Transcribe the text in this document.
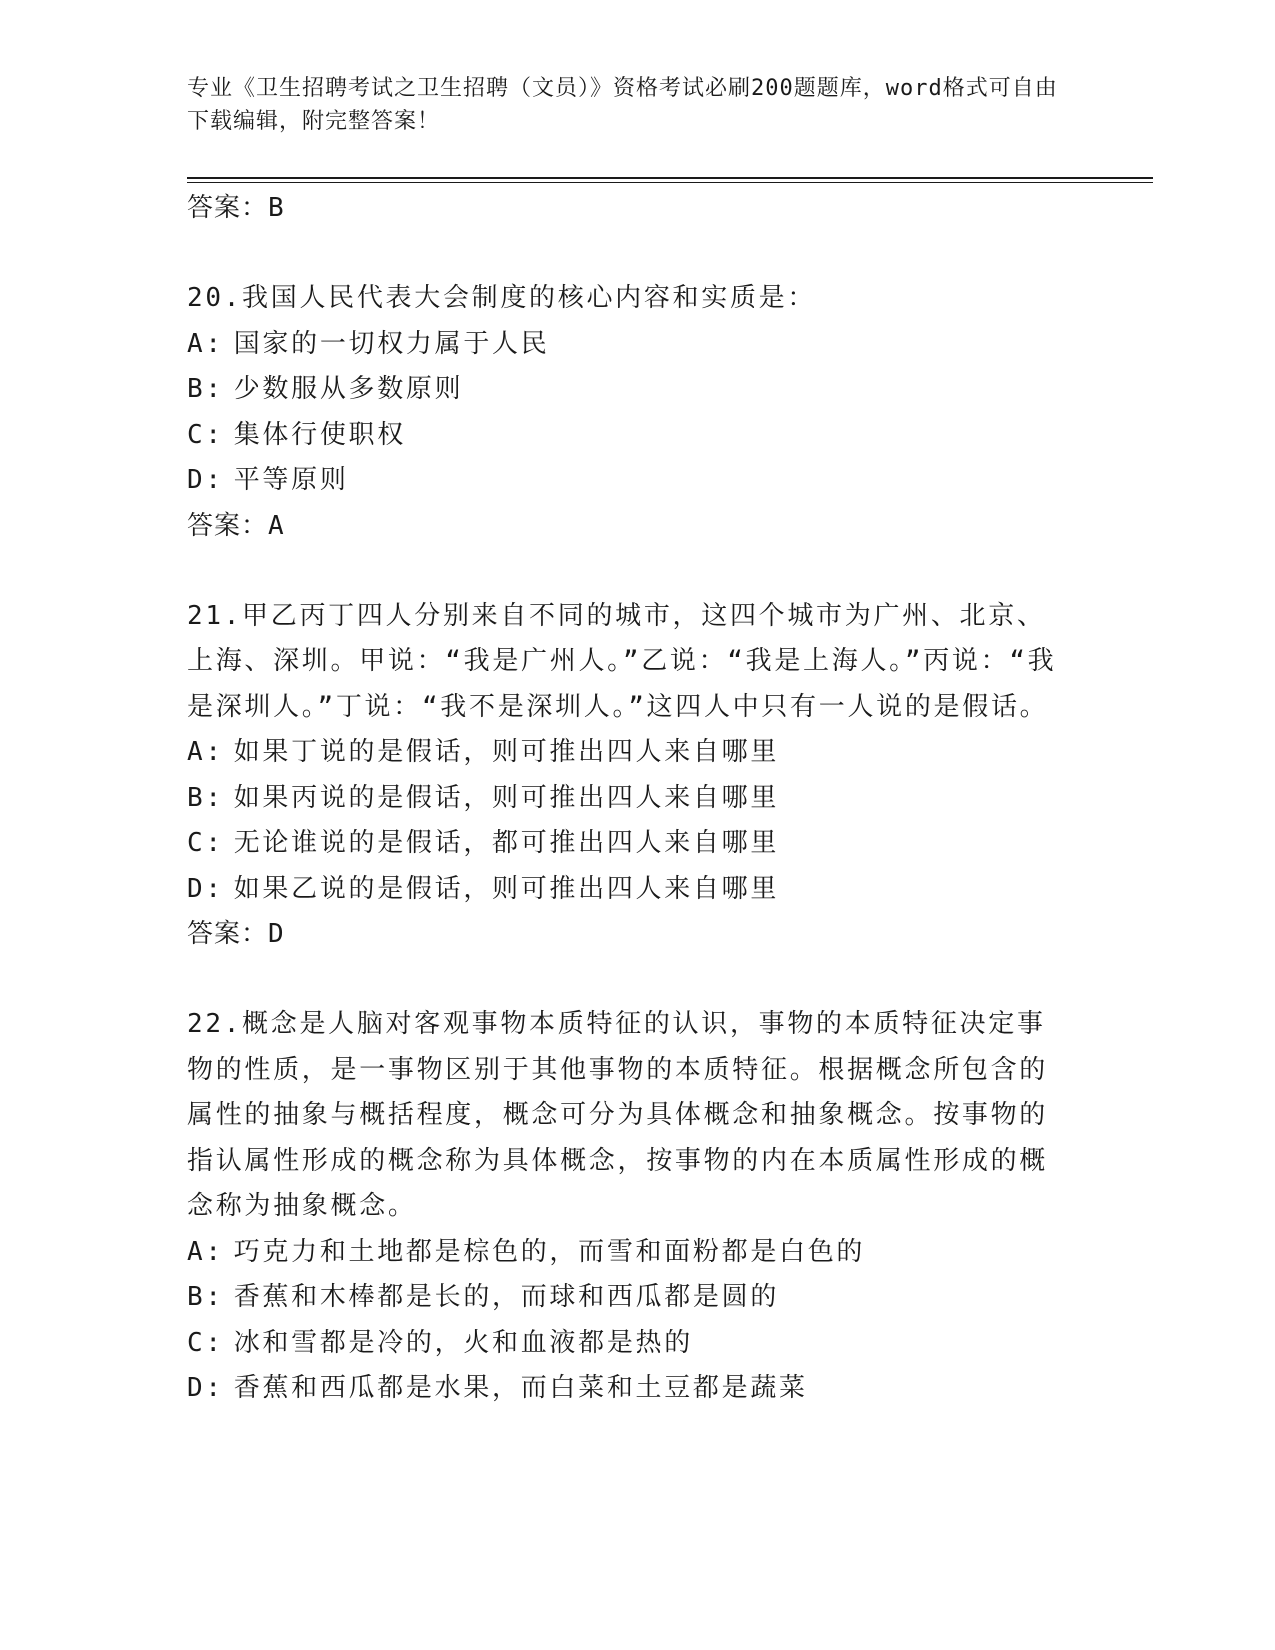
专业《卫生招聘考试之卫生招聘（文员）》资格考试必刷200题题库，word格式可自由下载编辑，附完整答案！

答案：B

20.我国人民代表大会制度的核心内容和实质是：

A: 国家的一切权力属于人民

B: 少数服从多数原则

C: 集体行使职权

D: 平等原则

答案：A

21.甲乙丙丁四人分别来自不同的城市，这四个城市为广州、北京、上海、深圳。甲说：“我是广州人。”乙说：“我是上海人。”丙说：“我是深圳人。”丁说：“我不是深圳人。”这四人中只有一人说的是假话。

A: 如果丁说的是假话，则可推出四人来自哪里

B: 如果丙说的是假话，则可推出四人来自哪里

C: 无论谁说的是假话，都可推出四人来自哪里

D: 如果乙说的是假话，则可推出四人来自哪里

答案：D

22.概念是人脑对客观事物本质特征的认识，事物的本质特征决定事物的性质，是一事物区别于其他事物的本质特征。根据概念所包含的属性的抽象与概括程度，概念可分为具体概念和抽象概念。按事物的指认属性形成的概念称为具体概念，按事物的内在本质属性形成的概念称为抽象概念。

A: 巧克力和土地都是棕色的，而雪和面粉都是白色的

B: 香蕉和木棒都是长的，而球和西瓜都是圆的

C: 冰和雪都是冷的，火和血液都是热的

D: 香蕉和西瓜都是水果，而白菜和土豆都是蔬菜
